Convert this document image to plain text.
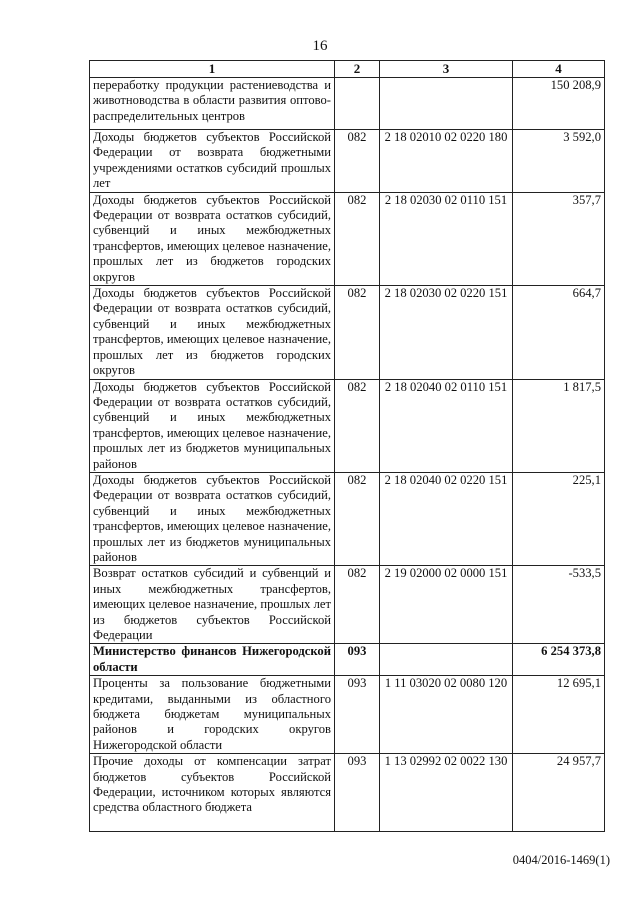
16
1	2	3	4
переработку продукции растениеводства и животноводства в области развития оптово-распределительных центров			150 208,9
Доходы бюджетов субъектов Российской Федерации от возврата бюджетными учреждениями остатков субсидий прошлых лет	082	2 18 02010 02 0220 180	3 592,0
Доходы бюджетов субъектов Российской Федерации от возврата остатков субсидий, субвенций и иных межбюджетных трансфертов, имеющих целевое назначение, прошлых лет из бюджетов городских округов	082	2 18 02030 02 0110 151	357,7
Доходы бюджетов субъектов Российской Федерации от возврата остатков субсидий, субвенций и иных межбюджетных трансфертов, имеющих целевое назначение, прошлых лет из бюджетов городских округов	082	2 18 02030 02 0220 151	664,7
Доходы бюджетов субъектов Российской Федерации от возврата остатков субсидий, субвенций и иных межбюджетных трансфертов, имеющих целевое назначение, прошлых лет из бюджетов муниципальных районов	082	2 18 02040 02 0110 151	1 817,5
Доходы бюджетов субъектов Российской Федерации от возврата остатков субсидий, субвенций и иных межбюджетных трансфертов, имеющих целевое назначение, прошлых лет из бюджетов муниципальных районов	082	2 18 02040 02 0220 151	225,1
Возврат остатков субсидий и субвенций и иных межбюджетных трансфертов, имеющих целевое назначение, прошлых лет из бюджетов субъектов Российской Федерации	082	2 19 02000 02 0000 151	-533,5
Министерство финансов Нижегородской области	093		6 254 373,8
Проценты за пользование бюджетными кредитами, выданными из областного бюджета бюджетам муниципальных районов и городских округов Нижегородской области	093	1 11 03020 02 0080 120	12 695,1
Прочие доходы от компенсации затрат бюджетов субъектов Российской Федерации, источником которых являются средства областного бюджета	093	1 13 02992 02 0022 130	24 957,7
0404/2016-1469(1)
